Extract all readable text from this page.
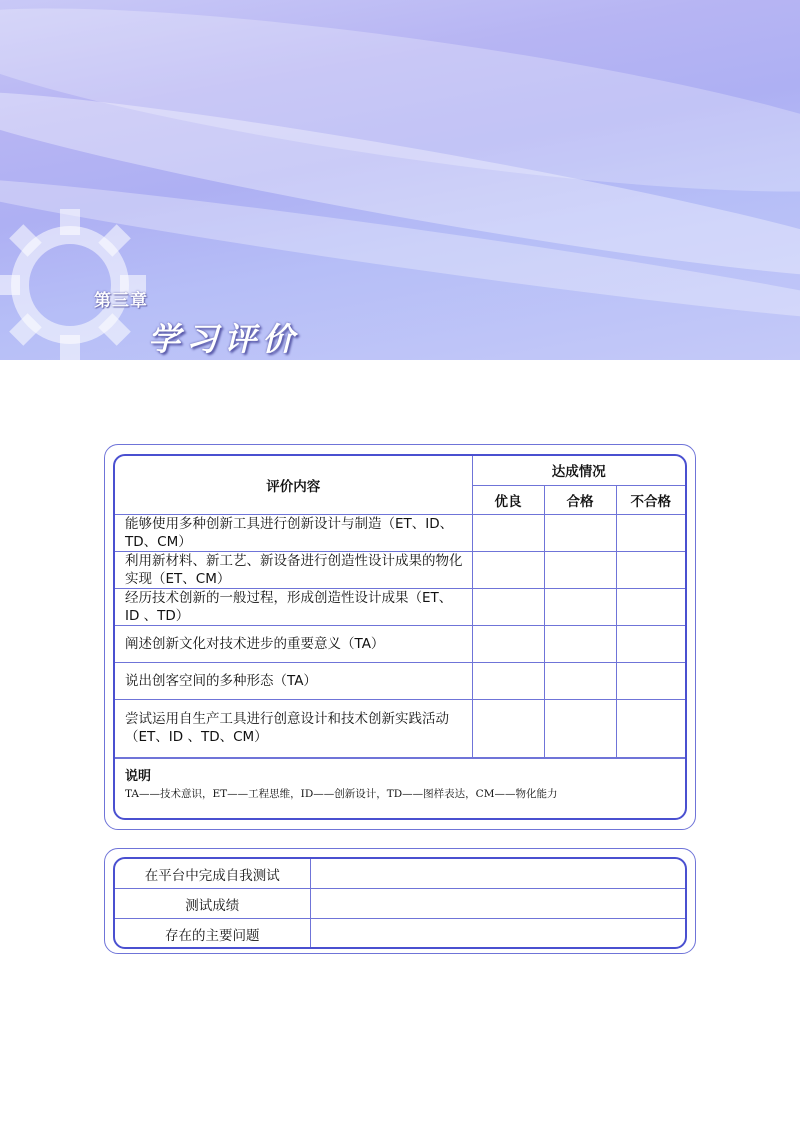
第三章
学习评价
评价内容	达成情况		
	优良	合格	不合格
能够使用多种创新工具进行创新设计与制造（ET、ID、TD、CM）			
利用新材料、新工艺、新设备进行创造性设计成果的物化实现（ET、CM）			
经历技术创新的一般过程，形成创造性设计成果（ET、ID 、TD）			
阐述创新文化对技术进步的重要意义（TA）			
说出创客空间的多种形态（TA）			
尝试运用自生产工具进行创意设计和技术创新实践活动（ET、ID 、TD、CM）			
说明
TA——技术意识，ET——工程思维，ID——创新设计，TD——图样表达，CM——物化能力
在平台中完成自我测试	
测试成绩	
存在的主要问题	
